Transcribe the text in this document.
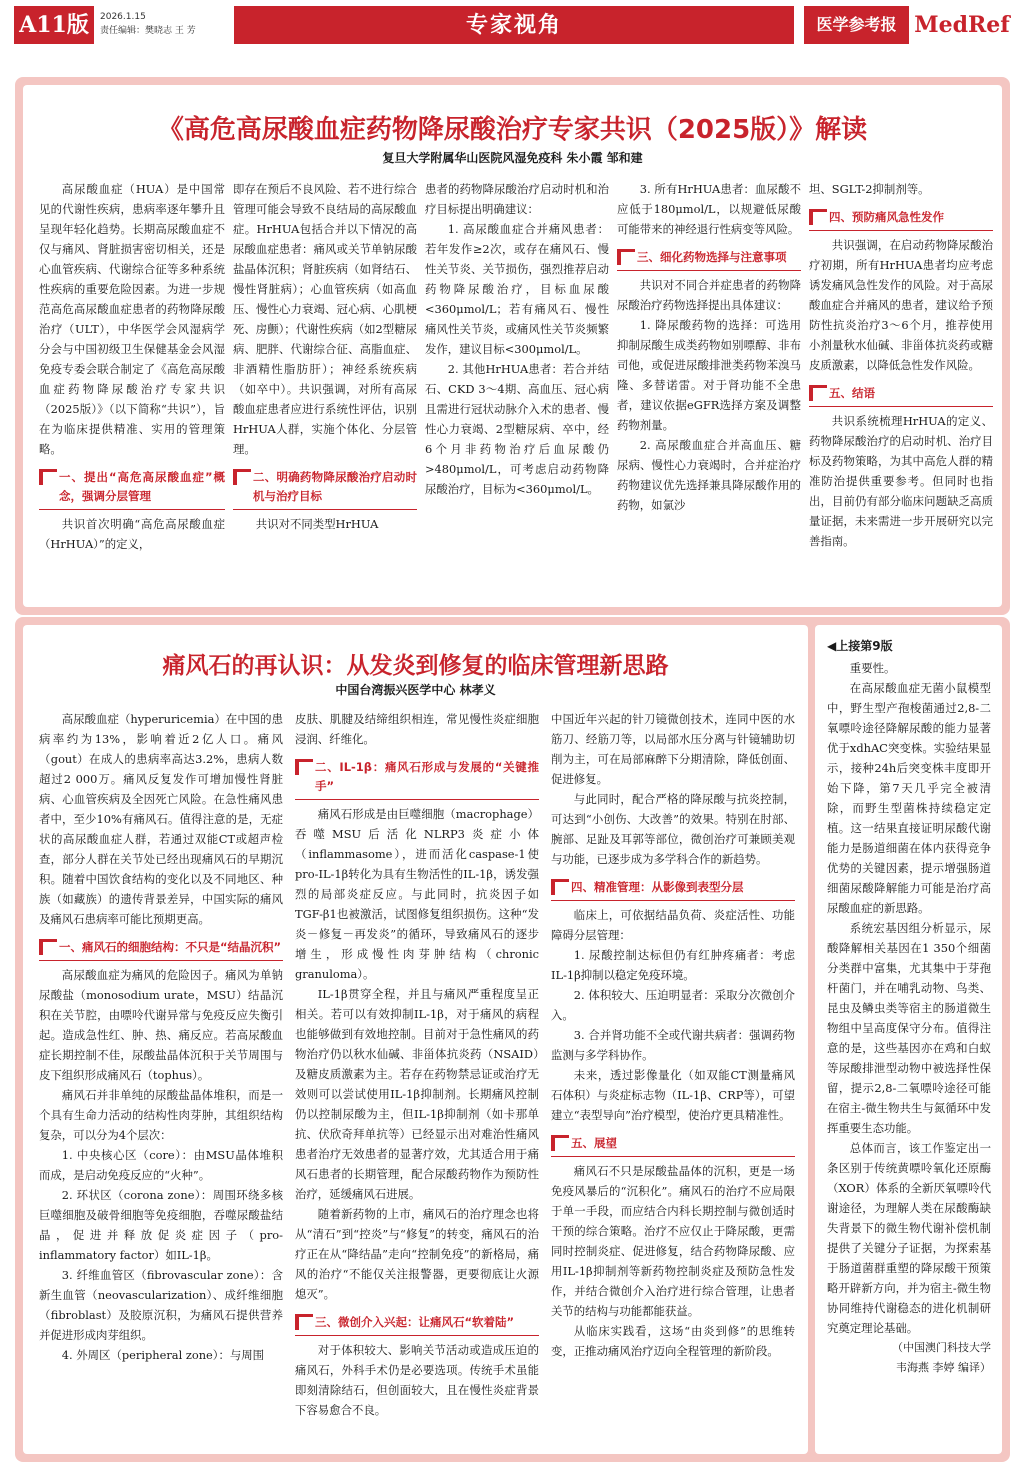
A11版	2026.1.15
责任编辑：樊晓志 王 芳	专家视角	医学参考报 MedRef
《高危高尿酸血症药物降尿酸治疗专家共识（2025版）》解读
复旦大学附属华山医院风湿免疫科 朱小霞 邹和建

高尿酸血症（HUA）是中国常见的代谢性疾病，患病率逐年攀升且呈现年轻化趋势。长期高尿酸血症不仅与痛风、肾脏损害密切相关，还是心血管疾病、代谢综合征等多种系统性疾病的重要危险因素。为进一步规范高危高尿酸血症患者的药物降尿酸治疗（ULT），中华医学会风湿病学分会与中国初级卫生保健基金会风湿免疫专委会联合制定了《高危高尿酸血症药物降尿酸治疗专家共识（2025版）》（以下简称“共识”），旨在为临床提供精准、实用的管理策略。

一、提出“高危高尿酸血症”概念，强调分层管理

共识首次明确“高危高尿酸血症（HrHUA）”的定义，

即存在预后不良风险、若不进行综合管理可能会导致不良结局的高尿酸血症。HrHUA包括合并以下情况的高尿酸血症患者：痛风或关节单钠尿酸盐晶体沉积；肾脏疾病（如肾结石、慢性肾脏病）；心血管疾病（如高血压、慢性心力衰竭、冠心病、心肌梗死、房颤）；代谢性疾病（如2型糖尿病、肥胖、代谢综合征、高脂血症、非酒精性脂肪肝）；神经系统疾病（如卒中）。共识强调，对所有高尿酸血症患者应进行系统性评估，识别HrHUA人群，实施个体化、分层管理。

二、明确药物降尿酸治疗启动时机与治疗目标

共识对不同类型HrHUA

患者的药物降尿酸治疗启动时机和治疗目标提出明确建议：

1. 高尿酸血症合并痛风患者：若年发作≥2次，或存在痛风石、慢性关节炎、关节损伤，强烈推荐启动药物降尿酸治疗，目标血尿酸<360μmol/L；若有痛风石、慢性痛风性关节炎，或痛风性关节炎频繁发作，建议目标<300μmol/L。

2. 其他HrHUA患者：若合并结石、CKD 3～4期、高血压、冠心病且需进行冠状动脉介入术的患者、慢性心力衰竭、2型糖尿病、卒中，经6个月非药物治疗后血尿酸仍>480μmol/L，可考虑启动药物降尿酸治疗，目标为<360μmol/L。

3. 所有HrHUA患者：血尿酸不应低于180μmol/L，以规避低尿酸可能带来的神经退行性病变等风险。

三、细化药物选择与注意事项

共识对不同合并症患者的药物降尿酸治疗药物选择提出具体建议：

1. 降尿酸药物的选择：可选用抑制尿酸生成类药物如别嘌醇、非布司他，或促进尿酸排泄类药物苯溴马隆、多替诺雷。对于肾功能不全患者，建议依据eGFR选择方案及调整药物剂量。

2. 高尿酸血症合并高血压、糖尿病、慢性心力衰竭时，合并症治疗药物建议优先选择兼具降尿酸作用的药物，如氯沙

坦、SGLT-2抑制剂等。

四、预防痛风急性发作

共识强调，在启动药物降尿酸治疗初期，所有HrHUA患者均应考虑诱发痛风急性发作的风险。对于高尿酸血症合并痛风的患者，建议给予预防性抗炎治疗3～6个月，推荐使用小剂量秋水仙碱、非甾体抗炎药或糖皮质激素，以降低急性发作风险。

五、结语

共识系统梳理HrHUA的定义、药物降尿酸治疗的启动时机、治疗目标及药物策略，为其中高危人群的精准防治提供重要参考。但同时也指出，目前仍有部分临床问题缺乏高质量证据，未来需进一步开展研究以完善指南。

痛风石的再认识：从发炎到修复的临床管理新思路
中国台湾振兴医学中心 林孝义

高尿酸血症（hyperuricemia）在中国的患病率约为13%，影响着近2亿人口。痛风（gout）在成人的患病率高达3.2%，患病人数超过2 000万。痛风反复发作可增加慢性肾脏病、心血管疾病及全因死亡风险。在急性痛风患者中，至少10%有痛风石。值得注意的是，无症状的高尿酸血症人群，若通过双能CT或超声检查，部分人群在关节处已经出现痛风石的早期沉积。随着中国饮食结构的变化以及不同地区、种族（如藏族）的遗传背景差异，中国实际的痛风及痛风石患病率可能比预期更高。

一、痛风石的细胞结构：不只是“结晶沉积”

高尿酸血症为痛风的危险因子。痛风为单钠尿酸盐（monosodium urate，MSU）结晶沉积在关节腔，由嘌呤代谢异常与免疫反应失衡引起。造成急性红、肿、热、痛反应。若高尿酸血症长期控制不佳，尿酸盐晶体沉积于关节周围与皮下组织形成痛风石（tophus）。

痛风石并非单纯的尿酸盐晶体堆积，而是一个具有生命力活动的结构性肉芽肿，其组织结构复杂，可以分为4个层次：

1. 中央核心区（core）：由MSU晶体堆积而成，是启动免疫反应的“火种”。

2. 环状区（corona zone）：周围环绕多核巨噬细胞及破骨细胞等免疫细胞，吞噬尿酸盐结晶，促进并释放促炎症因子（pro-inflammatory factor）如IL-1β。

3. 纤维血管区（fibrovascular zone）：含新生血管（neovascularization）、成纤维细胞（fibroblast）及胶原沉积，为痛风石提供营养并促进形成肉芽组织。

4. 外周区（peripheral zone）：与周围

皮肤、肌腱及结缔组织相连，常见慢性炎症细胞浸润、纤维化。

二、IL-1β：痛风石形成与发展的“关键推手”

痛风石形成是由巨噬细胞（macrophage）吞噬MSU后活化NLRP3炎症小体（inflammasome），进而活化caspase-1使pro-IL-1β转化为具有生物活性的IL-1β，诱发强烈的局部炎症反应。与此同时，抗炎因子如TGF-β1也被激活，试图修复组织损伤。这种“发炎－修复－再发炎”的循环，导致痛风石的逐步增生，形成慢性肉芽肿结构（chronic granuloma）。

IL-1β贯穿全程，并且与痛风严重程度呈正相关。若可以有效抑制IL-1β，对于痛风的病程也能够做到有效地控制。目前对于急性痛风的药物治疗仍以秋水仙碱、非甾体抗炎药（NSAID）及糖皮质激素为主。若存在药物禁忌证或治疗无效则可以尝试使用IL-1β抑制剂。长期痛风控制仍以控制尿酸为主，但IL-1β抑制剂（如卡那单抗、伏欣奇拜单抗等）已经显示出对难治性痛风患者治疗无效患者的显著疗效，尤其适合用于痛风石患者的长期管理，配合尿酸药物作为预防性治疗，延缓痛风石进展。

随着新药物的上市，痛风石的治疗理念也将从“清石”到“控炎”与“修复”的转变，痛风石的治疗正在从“降结晶”走向“控制免疫”的新格局，痛风的治疗“不能仅关注报警器，更要彻底让火源熄灭”。

三、微创介入兴起：让痛风石“软着陆”

对于体积较大、影响关节活动或造成压迫的痛风石，外科手术仍是必要选项。传统手术虽能即刻清除结石，但创面较大，且在慢性炎症背景下容易愈合不良。

中国近年兴起的针刀镜微创技术，连同中医的水筋刀、经筋刀等，以局部水压分离与针镜辅助切削为主，可在局部麻醉下分期清除，降低创面、促进修复。

与此同时，配合严格的降尿酸与抗炎控制，可达到“小创伤、大改善”的效果。特别在肘部、腕部、足趾及耳郭等部位，微创治疗可兼顾美观与功能，已逐步成为多学科合作的新趋势。

四、精准管理：从影像到表型分层

临床上，可依据结晶负荷、炎症活性、功能障碍分层管理：

1. 尿酸控制达标但仍有红肿疼痛者：考虑IL-1β抑制以稳定免疫环境。

2. 体积较大、压迫明显者：采取分次微创介入。

3. 合并肾功能不全或代谢共病者：强调药物监测与多学科协作。

未来，透过影像量化（如双能CT测量痛风石体积）与炎症标志物（IL-1β、CRP等），可望建立“表型导向”治疗模型，使治疗更具精准性。

五、展望

痛风石不只是尿酸盐晶体的沉积，更是一场免疫风暴后的“沉积化”。痛风石的治疗不应局限于单一手段，而应结合内科长期控制与微创适时干预的综合策略。治疗不应仅止于降尿酸，更需同时控制炎症、促进修复，结合药物降尿酸、应用IL-1β抑制剂等新药物控制炎症及预防急性发作，并结合微创介入治疗进行综合管理，让患者关节的结构与功能都能获益。

从临床实践看，这场“由炎到修”的思维转变，正推动痛风治疗迈向全程管理的新阶段。

◀上接第9版

重要性。

在高尿酸血症无菌小鼠模型中，野生型产孢梭菌通过2,8-二氧嘌呤途径降解尿酸的能力显著优于xdhAC突变株。实验结果显示，接种24h后突变株丰度即开始下降，第7天几乎完全被清除，而野生型菌株持续稳定定植。这一结果直接证明尿酸代谢能力是肠道细菌在体内获得竞争优势的关键因素，提示增强肠道细菌尿酸降解能力可能是治疗高尿酸血症的新思路。

系统宏基因组分析显示，尿酸降解相关基因在1 350个细菌分类群中富集，尤其集中于芽孢杆菌门，并在哺乳动物、鸟类、昆虫及鳞虫类等宿主的肠道微生物组中呈高度保守分布。值得注意的是，这些基因亦在鸡和白蚁等尿酸排泄型动物中被选择性保留，提示2,8-二氧嘌呤途径可能在宿主-微生物共生与氮循环中发挥重要生态功能。

总体而言，该工作鉴定出一条区别于传统黄嘌呤氧化还原酶（XOR）体系的全新厌氧嘌呤代谢途径，为理解人类在尿酸酶缺失背景下的微生物代谢补偿机制提供了关键分子证据，为探索基于肠道菌群重塑的降尿酸干预策略开辟新方向，并为宿主-微生物协同维持代谢稳态的进化机制研究奠定理论基础。

（中国澳门科技大学
韦海燕 李婷 编译）
